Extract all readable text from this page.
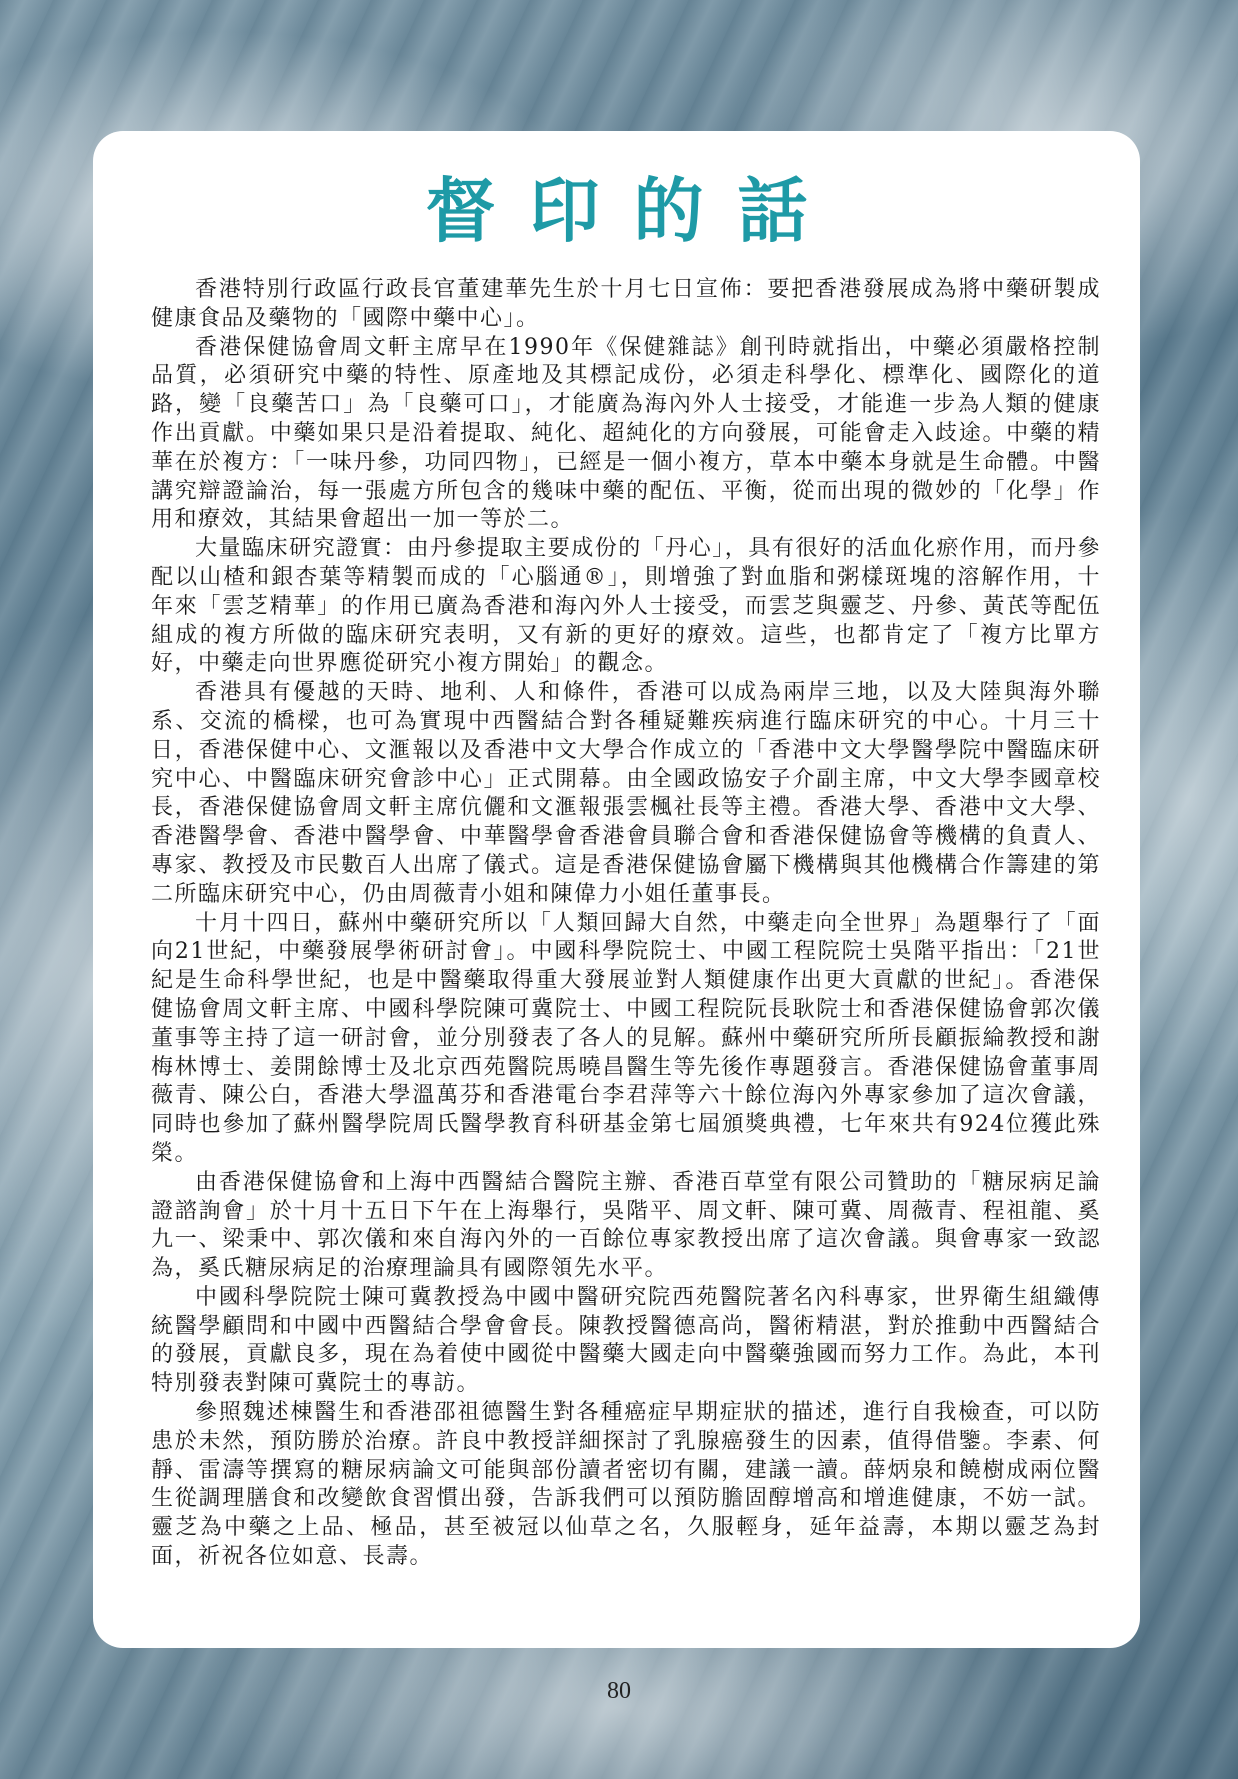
督印的話

香港特別行政區行政長官董建華先生於十月七日宣佈：要把香港發展成為將中藥研製成健康食品及藥物的「國際中藥中心」。

香港保健協會周文軒主席早在1990年《保健雜誌》創刊時就指出，中藥必須嚴格控制品質，必須研究中藥的特性、原產地及其標記成份，必須走科學化、標準化、國際化的道路，變「良藥苦口」為「良藥可口」，才能廣為海內外人士接受，才能進一步為人類的健康作出貢獻。中藥如果只是沿着提取、純化、超純化的方向發展，可能會走入歧途。中藥的精華在於複方：「一味丹參，功同四物」，已經是一個小複方，草本中藥本身就是生命體。中醫講究辯證論治，每一張處方所包含的幾味中藥的配伍、平衡，從而出現的微妙的「化學」作用和療效，其結果會超出一加一等於二。

大量臨床研究證實：由丹參提取主要成份的「丹心」，具有很好的活血化瘀作用，而丹參配以山楂和銀杏葉等精製而成的「心腦通®」，則增強了對血脂和粥樣斑塊的溶解作用，十年來「雲芝精華」的作用已廣為香港和海內外人士接受，而雲芝與靈芝、丹參、黃芪等配伍組成的複方所做的臨床研究表明，又有新的更好的療效。這些，也都肯定了「複方比單方好，中藥走向世界應從研究小複方開始」的觀念。

香港具有優越的天時、地利、人和條件，香港可以成為兩岸三地，以及大陸與海外聯系、交流的橋樑，也可為實現中西醫結合對各種疑難疾病進行臨床研究的中心。十月三十日，香港保健中心、文滙報以及香港中文大學合作成立的「香港中文大學醫學院中醫臨床研究中心、中醫臨床研究會診中心」正式開幕。由全國政協安子介副主席，中文大學李國章校長，香港保健協會周文軒主席伉儷和文滙報張雲楓社長等主禮。香港大學、香港中文大學、香港醫學會、香港中醫學會、中華醫學會香港會員聯合會和香港保健協會等機構的負責人、專家、教授及市民數百人出席了儀式。這是香港保健協會屬下機構與其他機構合作籌建的第二所臨床研究中心，仍由周薇青小姐和陳偉力小姐任董事長。

十月十四日，蘇州中藥研究所以「人類回歸大自然，中藥走向全世界」為題舉行了「面向21世紀，中藥發展學術研討會」。中國科學院院士、中國工程院院士吳階平指出：「21世紀是生命科學世紀，也是中醫藥取得重大發展並對人類健康作出更大貢獻的世紀」。香港保健協會周文軒主席、中國科學院陳可冀院士、中國工程院阮長耿院士和香港保健協會郭次儀董事等主持了這一研討會，並分別發表了各人的見解。蘇州中藥研究所所長顧振綸教授和謝梅林博士、姜開餘博士及北京西苑醫院馬曉昌醫生等先後作專題發言。香港保健協會董事周薇青、陳公白，香港大學溫萬芬和香港電台李君萍等六十餘位海內外專家參加了這次會議，同時也參加了蘇州醫學院周氏醫學教育科研基金第七屆頒獎典禮，七年來共有924位獲此殊榮。

由香港保健協會和上海中西醫結合醫院主辦、香港百草堂有限公司贊助的「糖尿病足論證諮詢會」於十月十五日下午在上海舉行，吳階平、周文軒、陳可冀、周薇青、程祖龍、奚九一、梁秉中、郭次儀和來自海內外的一百餘位專家教授出席了這次會議。與會專家一致認為，奚氏糖尿病足的治療理論具有國際領先水平。

中國科學院院士陳可冀教授為中國中醫研究院西苑醫院著名內科專家，世界衛生組織傳統醫學顧問和中國中西醫結合學會會長。陳教授醫德高尚，醫術精湛，對於推動中西醫結合的發展，貢獻良多，現在為着使中國從中醫藥大國走向中醫藥強國而努力工作。為此，本刊特別發表對陳可冀院士的專訪。

參照魏述棟醫生和香港邵祖德醫生對各種癌症早期症狀的描述，進行自我檢查，可以防患於未然，預防勝於治療。許良中教授詳細探討了乳腺癌發生的因素，值得借鑒。李素、何靜、雷濤等撰寫的糖尿病論文可能與部份讀者密切有關，建議一讀。薛炳泉和饒樹成兩位醫生從調理膳食和改變飲食習慣出發，告訴我們可以預防膽固醇增高和增進健康，不妨一試。靈芝為中藥之上品、極品，甚至被冠以仙草之名，久服輕身，延年益壽，本期以靈芝為封面，祈祝各位如意、長壽。

80
